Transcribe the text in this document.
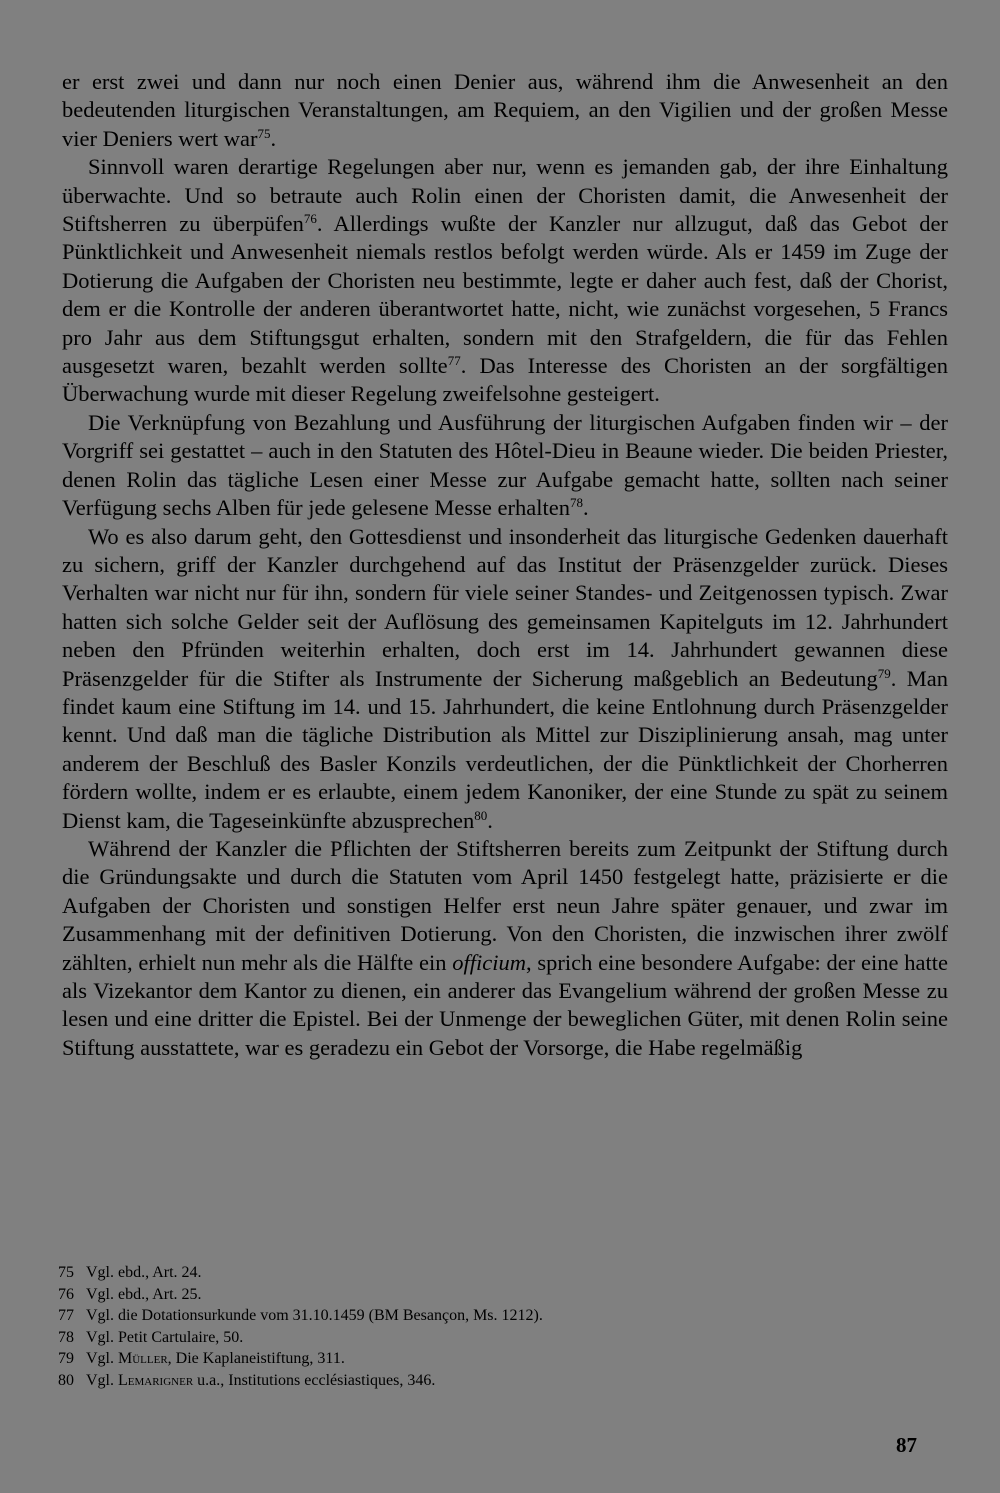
er erst zwei und dann nur noch einen Denier aus, während ihm die Anwesenheit an den bedeutenden liturgischen Veranstaltungen, am Requiem, an den Vigilien und der großen Messe vier Deniers wert war$^{75}$.

Sinnvoll waren derartige Regelungen aber nur, wenn es jemanden gab, der ihre Einhaltung überwachte. Und so betraute auch Rolin einen der Choristen damit, die Anwesenheit der Stiftsherren zu überpüfen$^{76}$. Allerdings wußte der Kanzler nur allzugut, daß das Gebot der Pünktlichkeit und Anwesenheit niemals restlos befolgt werden würde. Als er 1459 im Zuge der Dotierung die Aufgaben der Choristen neu bestimmte, legte er daher auch fest, daß der Chorist, dem er die Kontrolle der anderen überantwortet hatte, nicht, wie zunächst vorgesehen, 5 Francs pro Jahr aus dem Stiftungsgut erhalten, sondern mit den Strafgeldern, die für das Fehlen ausgesetzt waren, bezahlt werden sollte$^{77}$. Das Interesse des Choristen an der sorgfältigen Überwachung wurde mit dieser Regelung zweifelsohne gesteigert.

Die Verknüpfung von Bezahlung und Ausführung der liturgischen Aufgaben finden wir – der Vorgriff sei gestattet – auch in den Statuten des Hôtel-Dieu in Beaune wieder. Die beiden Priester, denen Rolin das tägliche Lesen einer Messe zur Aufgabe gemacht hatte, sollten nach seiner Verfügung sechs Alben für jede gelesene Messe erhalten$^{78}$.

Wo es also darum geht, den Gottesdienst und insonderheit das liturgische Gedenken dauerhaft zu sichern, griff der Kanzler durchgehend auf das Institut der Präsenzgelder zurück. Dieses Verhalten war nicht nur für ihn, sondern für viele seiner Standes- und Zeitgenossen typisch. Zwar hatten sich solche Gelder seit der Auflösung des gemeinsamen Kapitelguts im 12. Jahrhundert neben den Pfründen weiterhin erhalten, doch erst im 14. Jahrhundert gewannen diese Präsenzgelder für die Stifter als Instrumente der Sicherung maßgeblich an Bedeutung$^{79}$. Man findet kaum eine Stiftung im 14. und 15. Jahrhundert, die keine Entlohnung durch Präsenzgelder kennt. Und daß man die tägliche Distribution als Mittel zur Disziplinierung ansah, mag unter anderem der Beschluß des Basler Konzils verdeutlichen, der die Pünktlichkeit der Chorherren fördern wollte, indem er es erlaubte, einem jedem Kanoniker, der eine Stunde zu spät zu seinem Dienst kam, die Tageseinkünfte abzusprechen$^{80}$.

Während der Kanzler die Pflichten der Stiftsherren bereits zum Zeitpunkt der Stiftung durch die Gründungsakte und durch die Statuten vom April 1450 festgelegt hatte, präzisierte er die Aufgaben der Choristen und sonstigen Helfer erst neun Jahre später genauer, und zwar im Zusammenhang mit der definitiven Dotierung. Von den Choristen, die inzwischen ihrer zwölf zählten, erhielt nun mehr als die Hälfte ein officium, sprich eine besondere Aufgabe: der eine hatte als Vizekantor dem Kantor zu dienen, ein anderer das Evangelium während der großen Messe zu lesen und eine dritter die Epistel. Bei der Unmenge der beweglichen Güter, mit denen Rolin seine Stiftung ausstattete, war es geradezu ein Gebot der Vorsorge, die Habe regelmäßig

75 Vgl. ebd., Art. 24.
76 Vgl. ebd., Art. 25.
77 Vgl. die Dotationsurkunde vom 31.10.1459 (BM Besançon, Ms. 1212).
78 Vgl. Petit Cartulaire, 50.
79 Vgl. Müller, Die Kaplaneistiftung, 311.
80 Vgl. Lemarigner u.a., Institutions ecclésiastiques, 346.
87
